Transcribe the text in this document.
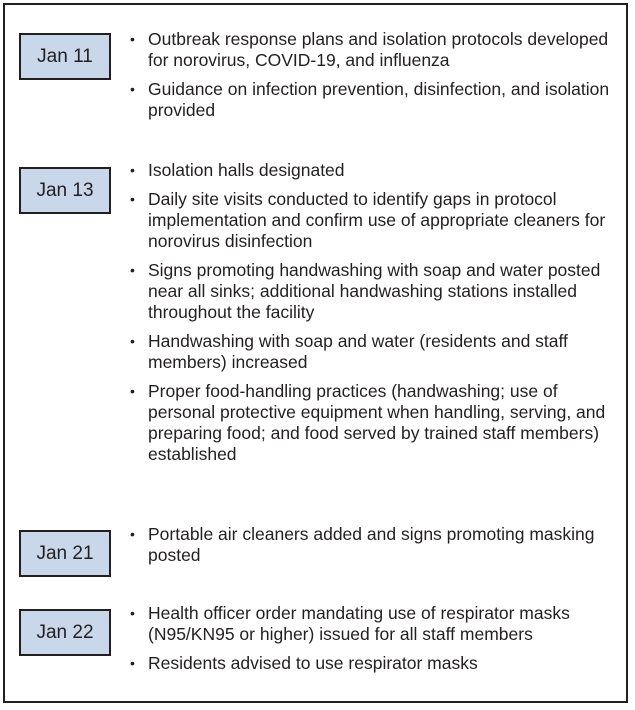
Jan 11
• Outbreak response plans and isolation protocols developed for norovirus, COVID-19, and influenza
• Guidance on infection prevention, disinfection, and isolation provided
Jan 13
• Isolation halls designated
• Daily site visits conducted to identify gaps in protocol implementation and confirm use of appropriate cleaners for norovirus disinfection
• Signs promoting handwashing with soap and water posted near all sinks; additional handwashing stations installed throughout the facility
• Handwashing with soap and water (residents and staff members) increased
• Proper food-handling practices (handwashing; use of personal protective equipment when handling, serving, and preparing food; and food served by trained staff members) established
Jan 21
• Portable air cleaners added and signs promoting masking posted
Jan 22
• Health officer order mandating use of respirator masks (N95/KN95 or higher) issued for all staff members
• Residents advised to use respirator masks
